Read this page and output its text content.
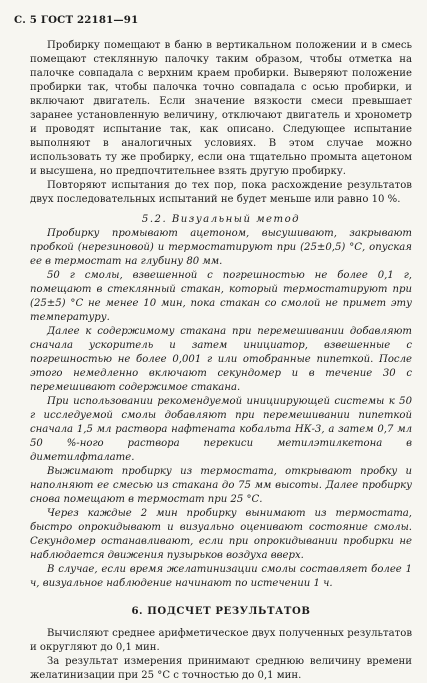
С. 5 ГОСТ 22181—91

Пробирку помещают в баню в вертикальном положении и в смесь помещают стеклянную палочку таким образом, чтобы отметка на палочке совпадала с верхним краем пробирки. Выверяют положение пробирки так, чтобы палочка точно совпадала с осью пробирки, и включают двигатель. Если значение вязкости смеси превышает заранее установленную величину, отключают двигатель и хронометр и проводят испытание так, как описано. Следующее испытание выполняют в аналогичных условиях. В этом случае можно использовать ту же пробирку, если она тщательно промыта ацетоном и высушена, но предпочтительнее взять другую пробирку.

Повторяют испытания до тех пор, пока расхождение результатов двух последовательных испытаний не будет меньше или равно 10 %.

5.2. Визуальный метод

Пробирку промывают ацетоном, высушивают, закрывают пробкой (нерезиновой) и термостатируют при (25±0,5) °С, опуская ее в термостат на глубину 80 мм.

50 г смолы, взвешенной с погрешностью не более 0,1 г, помещают в стеклянный стакан, который термостатируют при (25±5) °С не менее 10 мин, пока стакан со смолой не примет эту температуру.

Далее к содержимому стакана при перемешивании добавляют сначала ускоритель и затем инициатор, взвешенные с погрешностью не более 0,001 г или отобранные пипеткой. После этого немедленно включают секундомер и в течение 30 с перемешивают содержимое стакана.

При использовании рекомендуемой инициирующей системы к 50 г исследуемой смолы добавляют при перемешивании пипеткой сначала 1,5 мл раствора нафтената кобальта НК-3, а затем 0,7 мл 50 %-ного раствора перекиси метилэтилкетона в диметилфталате.

Выжимают пробирку из термостата, открывают пробку и наполняют ее смесью из стакана до 75 мм высоты. Далее пробирку снова помещают в термостат при 25 °С.

Через каждые 2 мин пробирку вынимают из термостата, быстро опрокидывают и визуально оценивают состояние смолы. Секундомер останавливают, если при опрокидывании пробирки не наблюдается движения пузырьков воздуха вверх.

В случае, если время желатинизации смолы составляет более 1 ч, визуальное наблюдение начинают по истечении 1 ч.

6. ПОДСЧЕТ РЕЗУЛЬТАТОВ

Вычисляют среднее арифметическое двух полученных результатов и округляют до 0,1 мин.

За результат измерения принимают среднюю величину времени желатинизации при 25 °С с точностью до 0,1 мин.
